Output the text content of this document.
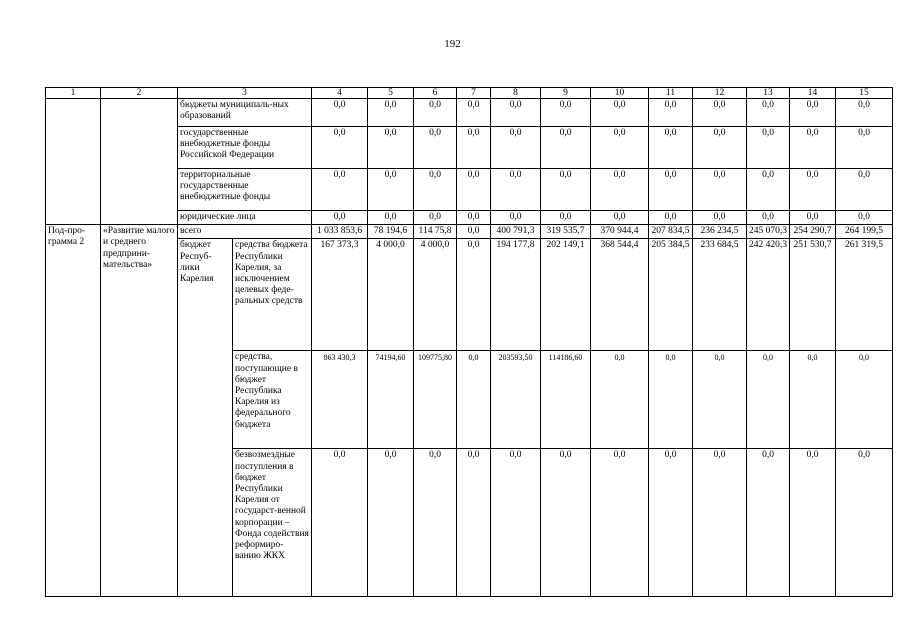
192
1	2	3		4	5	6	7	8	9	10	11	12	13	14	15
		бюджеты муниципаль-ных образований		0,0	0,0	0,0	0,0	0,0	0,0	0,0	0,0	0,0	0,0	0,0	0,0
		государственные внебюджетные фонды Российской Федерации		0,0	0,0	0,0	0,0	0,0	0,0	0,0	0,0	0,0	0,0	0,0	0,0
		территориальные государственные внебюджетные фонды		0,0	0,0	0,0	0,0	0,0	0,0	0,0	0,0	0,0	0,0	0,0	0,0
		юридические лица		0,0	0,0	0,0	0,0	0,0	0,0	0,0	0,0	0,0	0,0	0,0	0,0
Под-про-грамма 2	«Развитие малого и среднего предприни-мательства»	всего		1 033 853,6	78 194,6	114 75,8	0,0	400 791,3	319 535,7	370 944,4	207 834,5	236 234,5	245 070,3	254 290,7	264 199,5
		бюджет Респуб-лики Карелия	средства бюджета Республики Карелия, за исключением целевых феде-ральных средств	167 373,3	4 000,0	4 000,0	0,0	194 177,8	202 149,1	368 544,4	205 384,5	233 684,5	242 420,3	251 530,7	261 319,5
			средства, поступающие в бюджет Республика Карелия из федерального бюджета	863 430,3	74194,60	109775,80	0,0	203593,50	114186,60	0,0	0,0	0,0	0,0	0,0	0,0
			безвозмездные поступления в бюджет Республики Карелия от государст-венной корпорации – Фонда содействия реформиро-ванию ЖКХ	0,0	0,0	0,0	0,0	0,0	0,0	0,0	0,0	0,0	0,0	0,0	0,0
